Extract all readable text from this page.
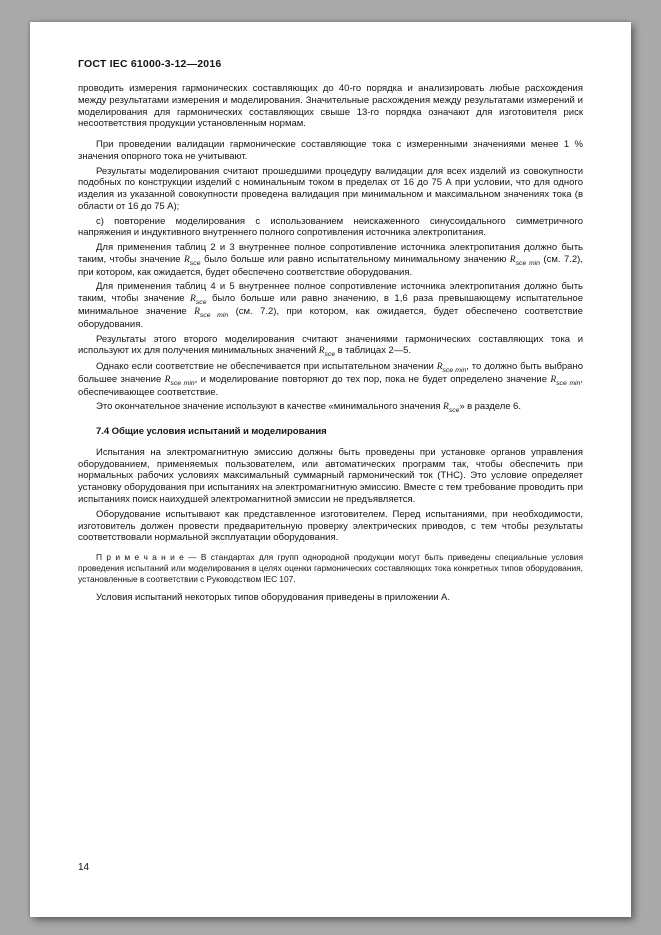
ГОСТ IEC 61000-3-12—2016

проводить измерения гармонических составляющих до 40-го порядка и анализировать любые расхождения между результатами измерения и моделирования. Значительные расхождения между результатами измерений и моделирования для гармонических составляющих свыше 13-го порядка означают для изготовителя риск несоответствия продукции установленным нормам.

При проведении валидации гармонические составляющие тока с измеренными значениями менее 1 % значения опорного тока не учитывают.

Результаты моделирования считают прошедшими процедуру валидации для всех изделий из совокупности подобных по конструкции изделий с номинальным током в пределах от 16 до 75 А при условии, что для одного изделия из указанной совокупности проведена валидация при минимальном и максимальном значениях тока (в области от 16 до 75 А);

с) повторение моделирования с использованием неискаженного синусоидального симметричного напряжения и индуктивного внутреннего полного сопротивления источника электропитания.

Для применения таблиц 2 и 3 внутреннее полное сопротивление источника электропитания должно быть таким, чтобы значение $R_{sce}$ было больше или равно испытательному минимальному значению $R_{sce min}$ (см. 7.2), при котором, как ожидается, будет обеспечено соответствие оборудования.

Для применения таблиц 4 и 5 внутреннее полное сопротивление источника электропитания должно быть таким, чтобы значение $R_{sce}$ было больше или равно значению, в 1,6 раза превышающему испытательное минимальное значение $R_{sce min}$ (см. 7.2), при котором, как ожидается, будет обеспечено соответствие оборудования.

Результаты этого второго моделирования считают значениями гармонических составляющих тока и используют их для получения минимальных значений $R_{sce}$ в таблицах 2—5.

Однако если соответствие не обеспечивается при испытательном значении $R_{sce min}$, то должно быть выбрано большее значение $R_{sce min}$, и моделирование повторяют до тех пор, пока не будет определено значение $R_{sce min}$, обеспечивающее соответствие.

Это окончательное значение используют в качестве «минимального значения $R_{sce}$» в разделе 6.

7.4 Общие условия испытаний и моделирования

Испытания на электромагнитную эмиссию должны быть проведены при установке органов управления оборудованием, применяемых пользователем, или автоматических программ так, чтобы обеспечить при нормальных рабочих условиях максимальный суммарный гармонический ток (THC). Это условие определяет установку оборудования при испытаниях на электромагнитную эмиссию. Вместе с тем требование проводить при испытаниях поиск наихудшей электромагнитной эмиссии не предъявляется.

Оборудование испытывают как представленное изготовителем. Перед испытаниями, при необходимости, изготовитель должен провести предварительную проверку электрических приводов, с тем чтобы результаты соответствовали нормальной эксплуатации оборудования.

П р и м е ч а н и е — В стандартах для групп однородной продукции могут быть приведены специальные условия проведения испытаний или моделирования в целях оценки гармонических составляющих тока конкретных типов оборудования, установленные в соответствии с Руководством IEC 107.

Условия испытаний некоторых типов оборудования приведены в приложении А.

14
